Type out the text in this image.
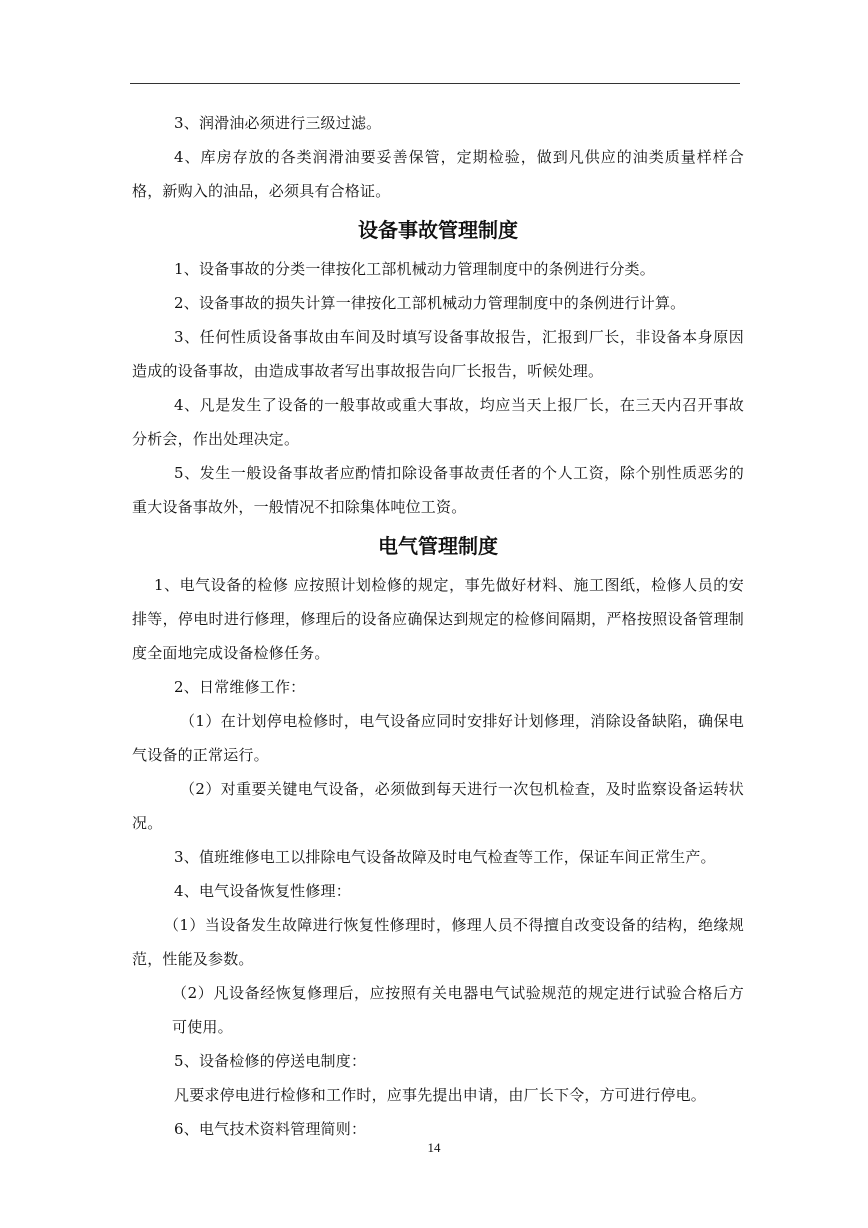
3、润滑油必须进行三级过滤。

4、库房存放的各类润滑油要妥善保管，定期检验，做到凡供应的油类质量样样合格，新购入的油品，必须具有合格证。

设备事故管理制度

1、设备事故的分类一律按化工部机械动力管理制度中的条例进行分类。

2、设备事故的损失计算一律按化工部机械动力管理制度中的条例进行计算。

3、任何性质设备事故由车间及时填写设备事故报告，汇报到厂长，非设备本身原因造成的设备事故，由造成事故者写出事故报告向厂长报告，听候处理。

4、凡是发生了设备的一般事故或重大事故，均应当天上报厂长，在三天内召开事故分析会，作出处理决定。

5、发生一般设备事故者应酌情扣除设备事故责任者的个人工资，除个别性质恶劣的重大设备事故外，一般情况不扣除集体吨位工资。

电气管理制度

1、电气设备的检修 应按照计划检修的规定，事先做好材料、施工图纸，检修人员的安排等，停电时进行修理，修理后的设备应确保达到规定的检修间隔期，严格按照设备管理制度全面地完成设备检修任务。

2、日常维修工作：

（1）在计划停电检修时，电气设备应同时安排好计划修理，消除设备缺陷，确保电气设备的正常运行。

（2）对重要关键电气设备，必须做到每天进行一次包机检查，及时监察设备运转状况。

3、值班维修电工以排除电气设备故障及时电气检查等工作，保证车间正常生产。

4、电气设备恢复性修理：

（1）当设备发生故障进行恢复性修理时，修理人员不得擅自改变设备的结构，绝缘规范，性能及参数。

（2）凡设备经恢复修理后，应按照有关电器电气试验规范的规定进行试验合格后方可使用。

5、设备检修的停送电制度：

凡要求停电进行检修和工作时，应事先提出申请，由厂长下令，方可进行停电。

6、电气技术资料管理简则：

14
